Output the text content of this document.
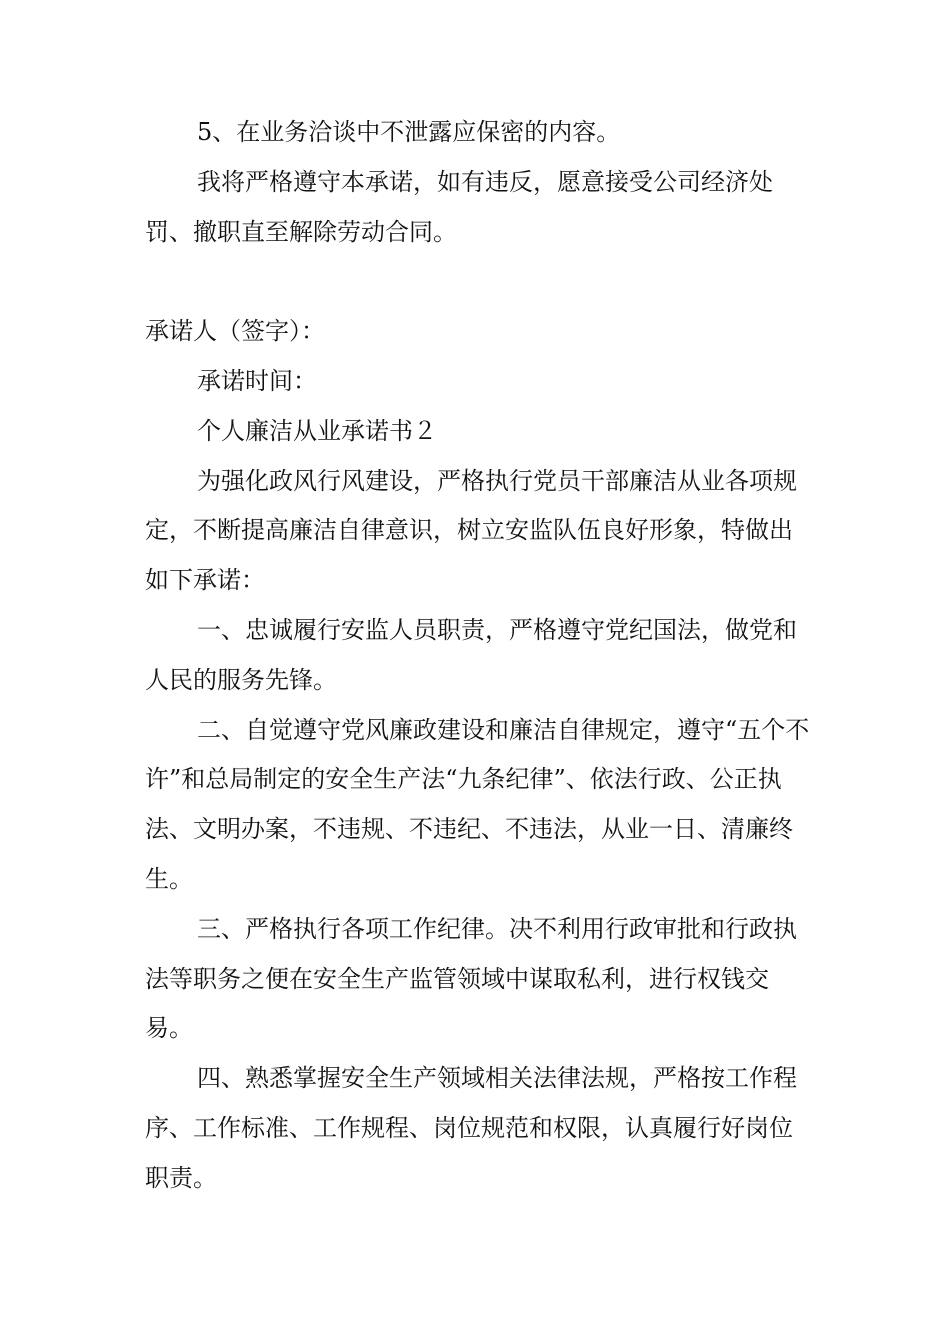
5、在业务洽谈中不泄露应保密的内容。

我将严格遵守本承诺，如有违反，愿意接受公司经济处罚、撤职直至解除劳动合同。

承诺人（签字）：

承诺时间：

个人廉洁从业承诺书２

为强化政风行风建设，严格执行党员干部廉洁从业各项规定，不断提高廉洁自律意识，树立安监队伍良好形象，特做出如下承诺：

一、忠诚履行安监人员职责，严格遵守党纪国法，做党和人民的服务先锋。

二、自觉遵守党风廉政建设和廉洁自律规定，遵守“五个不许”和总局制定的安全生产法“九条纪律”、依法行政、公正执法、文明办案，不违规、不违纪、不违法，从业一日、清廉终生。

三、严格执行各项工作纪律。决不利用行政审批和行政执法等职务之便在安全生产监管领域中谋取私利，进行权钱交易。

四、熟悉掌握安全生产领域相关法律法规，严格按工作程序、工作标准、工作规程、岗位规范和权限，认真履行好岗位职责。
